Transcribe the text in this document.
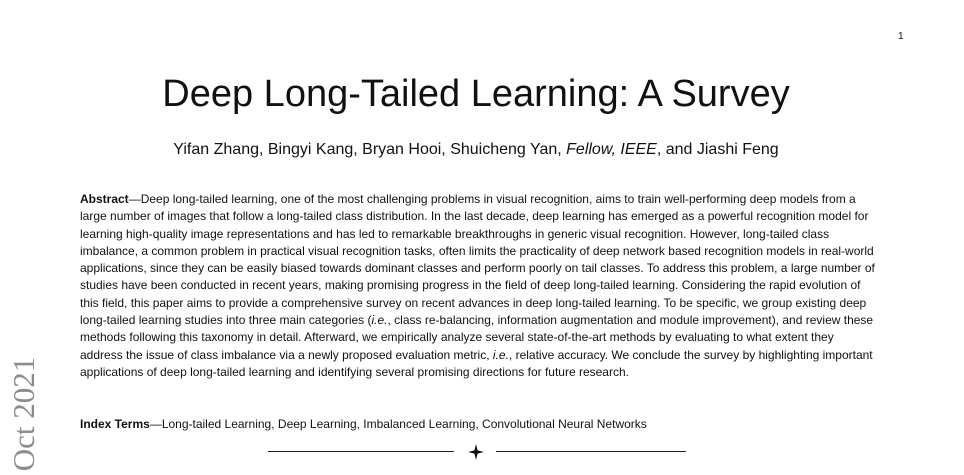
1
Oct 2021
Deep Long-Tailed Learning: A Survey
Yifan Zhang, Bingyi Kang, Bryan Hooi, Shuicheng Yan, Fellow, IEEE, and Jiashi Feng

Abstract—Deep long-tailed learning, one of the most challenging problems in visual recognition, aims to train well-performing deep models from a large number of images that follow a long-tailed class distribution. In the last decade, deep learning has emerged as a powerful recognition model for learning high-quality image representations and has led to remarkable breakthroughs in generic visual recognition. However, long-tailed class imbalance, a common problem in practical visual recognition tasks, often limits the practicality of deep network based recognition models in real-world applications, since they can be easily biased towards dominant classes and perform poorly on tail classes. To address this problem, a large number of studies have been conducted in recent years, making promising progress in the field of deep long-tailed learning. Considering the rapid evolution of this field, this paper aims to provide a comprehensive survey on recent advances in deep long-tailed learning. To be specific, we group existing deep long-tailed learning studies into three main categories (i.e., class re-balancing, information augmentation and module improvement), and review these methods following this taxonomy in detail. Afterward, we empirically analyze several state-of-the-art methods by evaluating to what extent they address the issue of class imbalance via a newly proposed evaluation metric, i.e., relative accuracy. We conclude the survey by highlighting important applications of deep long-tailed learning and identifying several promising directions for future research.

Index Terms—Long-tailed Learning, Deep Learning, Imbalanced Learning, Convolutional Neural Networks
